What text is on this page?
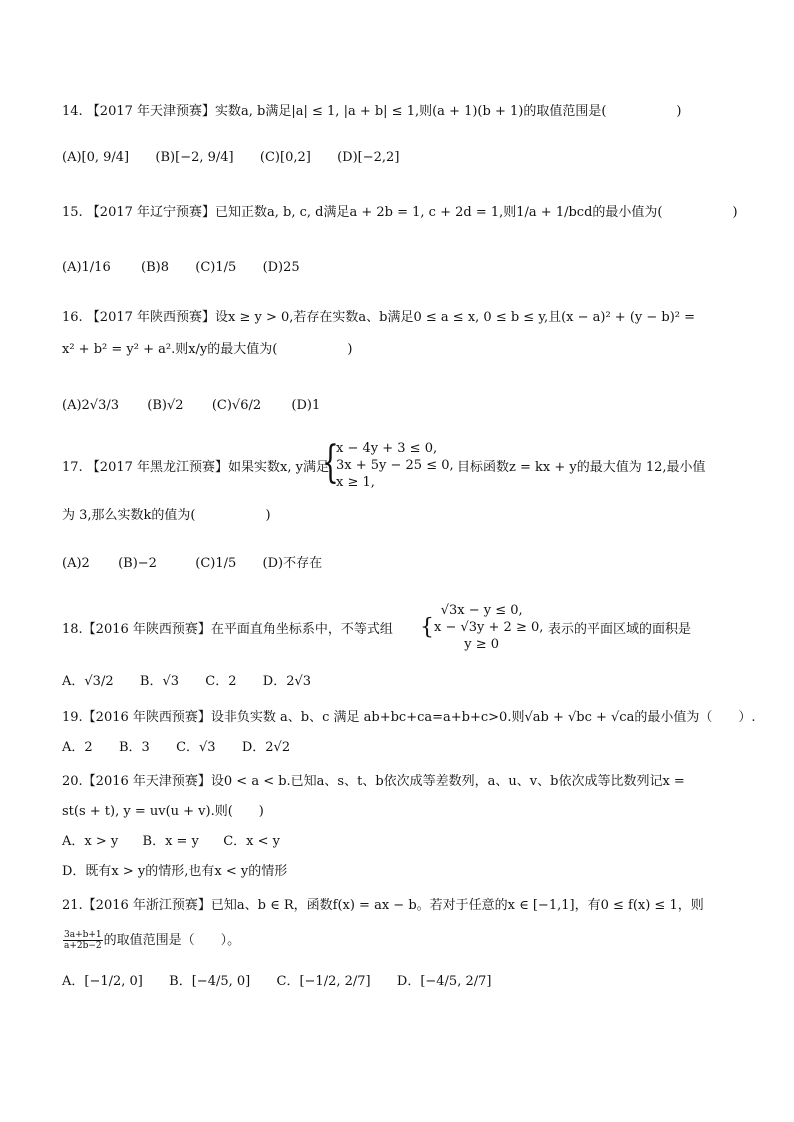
14. 【2017 年天津预赛】实数a, b满足|a| ≤ 1, |a + b| ≤ 1,则(a + 1)(b + 1)的取值范围是(	)
(A)[0, 9/4] (B)[−2, 9/4] (C)[0,2] (D)[−2,2]
15. 【2017 年辽宁预赛】已知正数a, b, c, d满足a + 2b = 1, c + 2d = 1,则1/a + 1/bcd的最小值为(	)
(A)1/16 (B)8 (C)1/5 (D)25
16. 【2017 年陕西预赛】设x ≥ y > 0,若存在实数a、b满足0 ≤ a ≤ x, 0 ≤ b ≤ y,且(x − a)² + (y − b)² =
x² + b² = y² + a².则x/y的最大值为(	)
(A)2√3/3 (B)√2 (C)√6/2 (D)1
17. 【2017 年黑龙江预赛】如果实数x, y满足
{
x − 4y + 3 ≤ 0,
3x + 5y − 25 ≤ 0,
x ≥ 1,
目标函数z = kx + y的最大值为 12,最小值
为 3,那么实数k的值为(	)
(A)2 (B)−2	(C)1/5 (D)不存在
18.【2016 年陕西预赛】在平面直角坐标系中，不等式组
√3x − y ≤ 0,
{x − √3y + 2 ≥ 0,
y ≥ 0
表示的平面区域的面积是
A．√3/2 B．√3 C．2 D．2√3
19.【2016 年陕西预赛】设非负实数 a、b、c 满足 ab+bc+ca=a+b+c>0.则√ab + √bc + √ca的最小值为（　　）.
A．2 B．3 C．√3 D．2√2
20.【2016 年天津预赛】设0 < a < b.已知a、s、t、b依次成等差数列，a、u、v、b依次成等比数列记x =
st(s + t), y = uv(u + v).则(　　)
A．x > y B．x = y C．x < y
D．既有x > y的情形,也有x < y的情形
21.【2016 年浙江预赛】已知a、b ∈ R，函数f(x) = ax − b。若对于任意的x ∈ [−1,1]，有0 ≤ f(x) ≤ 1，则
$\frac{3a+b+1}{a+2b-2}$ 的取值范围是（　　）。
A．[−1/2, 0] B．[−4/5, 0] C．[−1/2, 2/7] D．[−4/5, 2/7]
